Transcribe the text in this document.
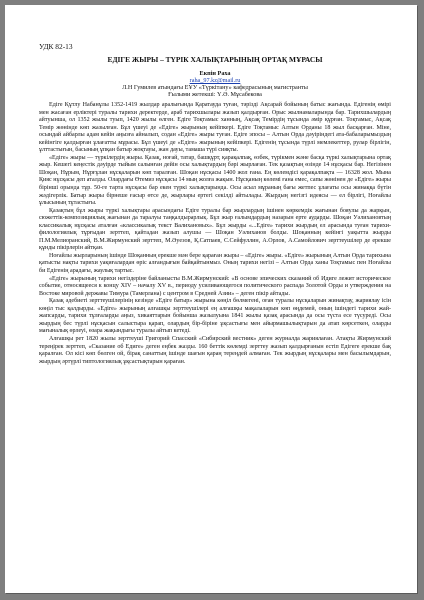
УДК 82-13
ЕДІГЕ ЖЫРЫ – ТҮРІК ХАЛЫҚТАРЫНЫҢ ОРТАҚ МҰРАСЫ
Екпін Раха
raha_97.kz@mail.ru
Л.Н Гумилев атындағы ЕҰУ «Түркітану» кафедрасының магистранты
Ғылыми жетекші: Ү.Ә. Мұсабекова

Едіге Құтлу Набанұлы 1352-1419 жылдар аралығында Қаратауда туған, тәрізді Ақсарай бойының батыс жағында. Едігенің өмірі мен жасаған ерліктері туралы тарихи деректерде, араб тарихшылары жазып қалдырған. Орыс жылнамаларында бар. Тарихшылардың айтуынша, ол 1352 жылы туып, 1420 жылы өлген. Едіге Тоқтамыс ханның, Ақсақ Темірдің тұсында әмір құрған. Тоқтамыс, Ақсақ Темір жөнінде көп жазылған. Бұл үшеуі де «Едіге» жырының кейіпкері. Едіге Тоқтамыс Алтын Орданы 18 жыл басқарған. Міне, осындай айбарлы адам кейін аңызға айналып, содан «Едіге» жыры туған. Едіге эпосы – Алтын Орда дәуіріндегі ата-бабаларымыздың кейінгіге қалдырған ұлағатты мұрасы. Бұл үшеуі де «Едіге» жырының кейіпкері. Едігенің тұсында түрлі мемлекеттер, рулар бірлігін, ұлттастығын, басының ұпқан батыр жоқтауы, жан дауы, тамаша түрі сияқты.

«Едіге» жыры — түркілердің жыры. Қазақ, ноғай, татар, башқұрт, қарақалпақ, өзбек, түрікмен және басқа түркі халықтарына ортақ жыр. Кешегі кеңестік дәуірде тыйым салынған дейін осы халықтардың бәрі жырлаған. Тек қазақтың өзінде 14 нұсқасы бар. Негізінен Шоқан, Нұрым, Нұрғұлан нұсқаларын көп таралған. Шоқан нұсқасы 1400 жол ғана. Ең көлемдісі қарақалпақта — 16328 жол. Мына Қияс нұсқасы деп аталды. Олардағы Өтемиз нұсқасы 14 мың жолға жақын. Нұсқаның көлемі ғана емес, сапы жөнінен де «Едіге» жыры бірінші орында тұр. 50-ге тарта нұсқасы бар екен түркі халықтарында. Осы асыл мұраның бағы жетпес ұлағаты осы жинаққа бүтін жәдігерлік. Батыр жыры бірнеше ғасыр өтсе де, жырлары ертегі секілді айтылады. Жырдың негізгі идеясы — ел бірлігі, Ноғайлы ұлысының тұтастығы.

Қазақтың бұл жыры түркі халықтары арасындағы Едіге туралы бар жырлардың ішінен көркемдік жағынан бояулы да жарқын, сюжеттік-композициялық жағынан да таралуы таңқалдырарлық. Бұл жыр ғалымдардың назарын ерте аударды. Шоқан Уәлихановтың классикалық нұсқасы аталған «классикалық текст Валихановых». Бұл жырды «...Едіге» тарихи жырдың ел арасында туған тарихи-филологиялық тұрғыдан зерттеп, қайтадан жазып алушы — Шоқан Уәлиханов болды. Шоқанның кейінгі уақытта жырды П.М.Мелиоранский, В.М.Жирмунский зерттеп, М.Әуезов, Қ.Сатпаев, С.Сейфуллин, А.Орлов, А.Самойлович зерттеушілер де ерекше құнды пікірлерін айтқан.

Ноғайлы жырларының ішінде Шоқанның ерекше мән бере қараған жыры – «Едіге» жыры. «Едіге» жырының Алтын Орда тарихына қатысты нақты тарихи уақиғалардан өріс алғандығын байқайтынмыз. Оның тарихи негізі – Алтын Орда ханы Тоқтамыс пен Ноғайлы би Едігенің арадағы, жаулық тартыс.

«Едіге» жырының тарихи негіздеріне байланысты В.М.Жирмунский: «В основе эпических сказаний об Идиге лежит историческое событие, относящееся к концу XIV – началу XV в., периоду усиливающегося политического распада Золотой Орды и утверждения на Востоке мировой державы Тимура (Тамерлана) с центром в Средней Азии» – деген пікір айтады.

Қазақ әдебиеті зерттеушілерінің кезінде «Едіге батыр» жырына көңіл бөлмегені, оған туралы нұсқаларын жинақтау, жариялау ісін көңіл тыс қалдырды. «Едіге» жырының алғашқы зерттеушілері ең алғашқы мақалаларын көп өңдемей, оның ішіндегі тарихи жай-жапсарды, тарихи тұлғаларды аңыз, хикаяттарын бойынша жазылуына 1841 жылы қазақ арасында да осы түста есе түсуреді. Осы жырдың бес түрлі нұсқасын салыстыра қарап, олардың бір-біріне ұқсастығы мен айырмашылықтарын да атап көрсеткен, оларды мағыналық өрлеуі, өзара жақындығы туралы айтып кетеді.

Алғашқы рет 1820 жылы зерттеуші Григорий Спасский «Сибирский вестник» деген журналда жариялаған. Атақты Жирмунский тереңірек зерттеп, «Сказание об Едиге» деген еңбек жазды. 160 беттік көлемді зерттеу жазып қалдырғанын естіп Едігеге ерекше бақ қаралған. Ол кісі көп бөлген ой, бірақ санаттың ішінде шағын қараң тереңдей алмаған. Тек жырдың нұсқалары мен басылымдарын, жырдың әртүрлі типтологиялық ұқсастықтарын қараған.
